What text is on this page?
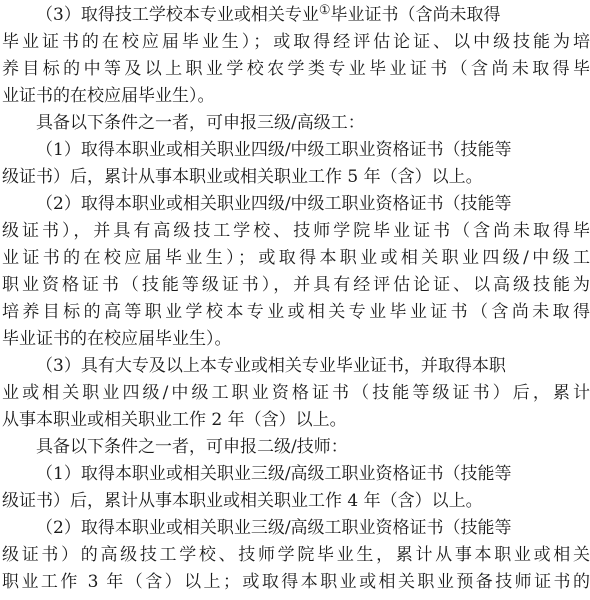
（3）取得技工学校本专业或相关专业①毕业证书（含尚未取得
毕业证书的在校应届毕业生）；或取得经评估论证、以中级技能为培
养目标的中等及以上职业学校农学类专业毕业证书（含尚未取得毕
业证书的在校应届毕业生）。
具备以下条件之一者，可申报三级/高级工：
（1）取得本职业或相关职业四级/中级工职业资格证书（技能等
级证书）后，累计从事本职业或相关职业工作 5 年（含）以上。
（2）取得本职业或相关职业四级/中级工职业资格证书（技能等
级证书），并具有高级技工学校、技师学院毕业证书（含尚未取得毕
业证书的在校应届毕业生）；或取得本职业或相关职业四级/中级工
职业资格证书（技能等级证书），并具有经评估论证、以高级技能为
培养目标的高等职业学校本专业或相关专业毕业证书（含尚未取得
毕业证书的在校应届毕业生）。
（3）具有大专及以上本专业或相关专业毕业证书，并取得本职
业或相关职业四级/中级工职业资格证书（技能等级证书）后，累计
从事本职业或相关职业工作 2 年（含）以上。
具备以下条件之一者，可申报二级/技师：
（1）取得本职业或相关职业三级/高级工职业资格证书（技能等
级证书）后，累计从事本职业或相关职业工作 4 年（含）以上。
（2）取得本职业或相关职业三级/高级工职业资格证书（技能等
级证书）的高级技工学校、技师学院毕业生，累计从事本职业或相关
职业工作 3 年（含）以上；或取得本职业或相关职业预备技师证书的
